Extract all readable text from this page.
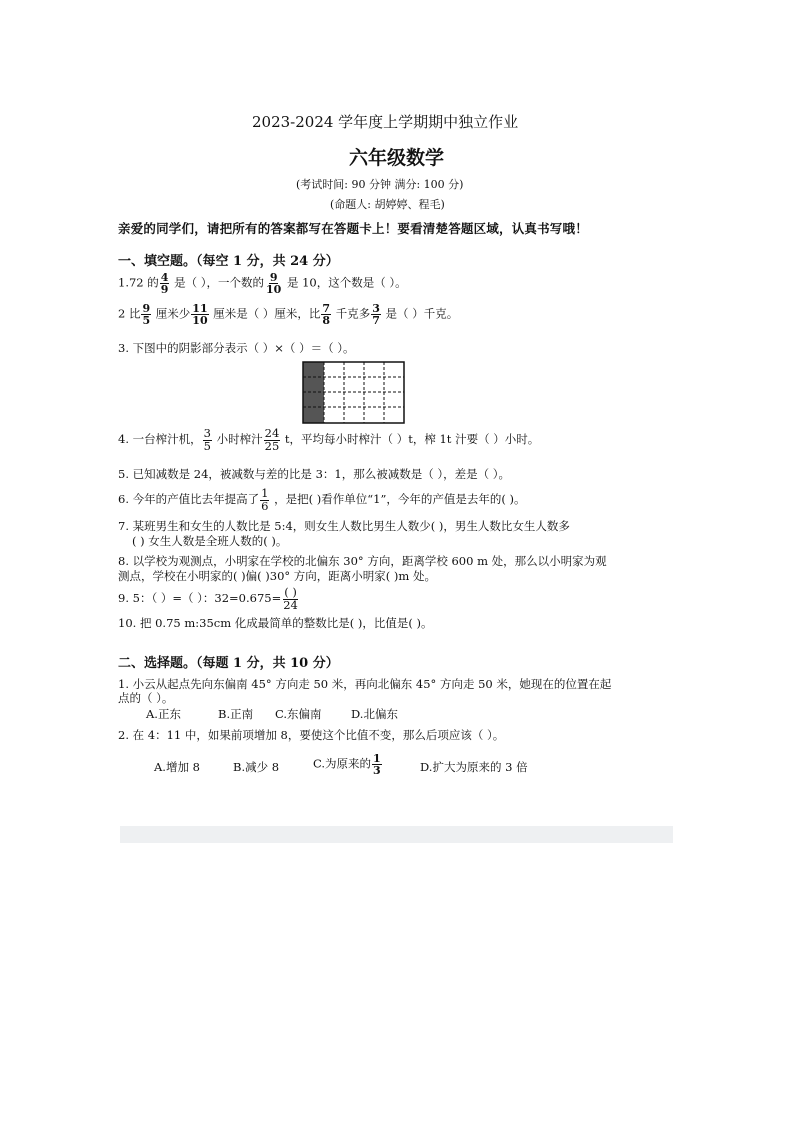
2023-2024 学年度上学期期中独立作业
六年级数学
(考试时间: 90 分钟 满分: 100 分)
(命题人: 胡婷婷、程毛)
亲爱的同学们，请把所有的答案都写在答题卡上！要看清楚答题区域，认真书写哦！
一、填空题。（每空 1 分，共 24 分）
1.72 的 $\frac{4}{9}$ 是（ ），一个数的 $\frac{9}{10}$ 是 10，这个数是（ ）。
2 比 $\frac{9}{5}$ 厘米少 $\frac{11}{10}$ 厘米是（ ）厘米，比 $\frac{7}{8}$ 千克多 $\frac{3}{7}$ 是（ ）千克。
3. 下图中的阴影部分表示（ ）×（ ）＝（ ）。
4. 一台榨汁机， $\frac{3}{5}$ 小时榨汁 $\frac{24}{25}$ t，平均每小时榨汁（ ）t，榨 1t 汁要（ ）小时。
5. 已知减数是 24，被减数与差的比是 3：1，那么被减数是（ ），差是（ ）。
6. 今年的产值比去年提高了 $\frac{1}{6}$ ，是把( )看作单位“1”，今年的产值是去年的( )。
7. 某班男生和女生的人数比是 5:4，则女生人数比男生人数少( )，男生人数比女生人数多
( ) 女生人数是全班人数的( )。
8. 以学校为观测点，小明家在学校的北偏东 30° 方向，距离学校 600 m 处，那么以小明家为观
测点，学校在小明家的( )偏( )30° 方向，距离小明家( )m 处。
9. 5：（ ）=（ ）：$32=0.675= \frac{( )}{24}$
10. 把 0.75 m:35cm 化成最简单的整数比是( )，比值是( )。
二、选择题。（每题 1 分，共 10 分）
1. 小云从起点先向东偏南 45° 方向走 50 米，再向北偏东 45° 方向走 50 米，她现在的位置在起
点的（ ）。
A.正东	B.正南 C.东偏南	D.北偏东
2. 在 4：11 中，如果前项增加 8，要使这个比值不变，那么后项应该（ ）。
A.增加 8	B.减少 8	C.为原来的 $\frac{1}{3}$	D.扩大为原来的 3 倍
